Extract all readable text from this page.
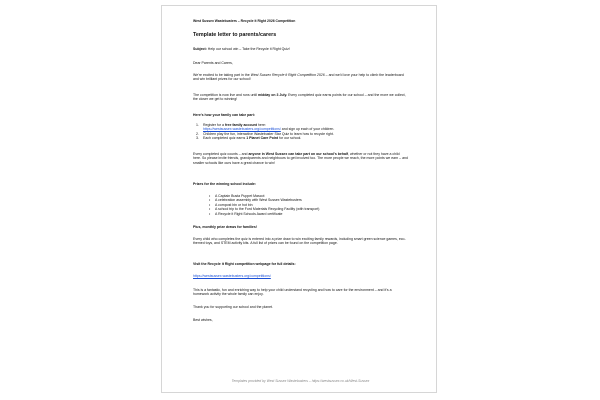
West Sussex Wastebusters – Recycle it Right 2026 Competition

Template letter to parents/carers

Subject: Help our school win – Take the Recycle it Right Quiz!

Dear Parents and Carers,

We're excited to be taking part in the West Sussex Recycle it Right Competition 2026 – and we'd love your help to climb the leaderboard and win brilliant prizes for our school!

The competition is now live and runs until midday on 3 July. Every completed quiz earns points for our school – and the more we collect, the closer we get to winning!

Here's how your family can take part:

1. Register for a free family account here:
https://westsussex.wastebusters.org/competitions/ and sign up each of your children.
2. Children play the fun, interactive Wastebuster Star Quiz to learn how to recycle right.
3. Each completed quiz earns 1 Planet Care Point for our school.

Every completed quiz counts – and anyone in West Sussex can take part on our school's behalf, whether or not they have a child here. So please invite friends, grandparents and neighbours to get involved too. The more people we reach, the more points we earn – and smaller schools like ours have a great chance to win!

Prizes for the winning school include:

• A Captain Busta Puppet Mascot
• A celebration assembly with West Sussex Wastebusters
• A compost bin or hot bin
• A school trip to the Ford Materials Recycling Facility (with transport)
• A Recycle it Right Schools Award certificate

Plus, monthly prize draws for families!

Every child who completes the quiz is entered into a prize draw to win exciting family rewards, including smart green science games, eco-themed toys, and STEM activity kits. A full list of prizes can be found on the competition page.

Visit the Recycle it Right competition webpage for full details:

https://westsussex.wastebusters.org/competitions/

This is a fantastic, fun and enriching way to help your child understand recycling and how to care for the environment – and it's a homework activity the whole family can enjoy.

Thank you for supporting our school and the planet.

Best wishes,

Templates provided by West Sussex Wastebusters – https://westsussex.co.uk/West-Sussex
